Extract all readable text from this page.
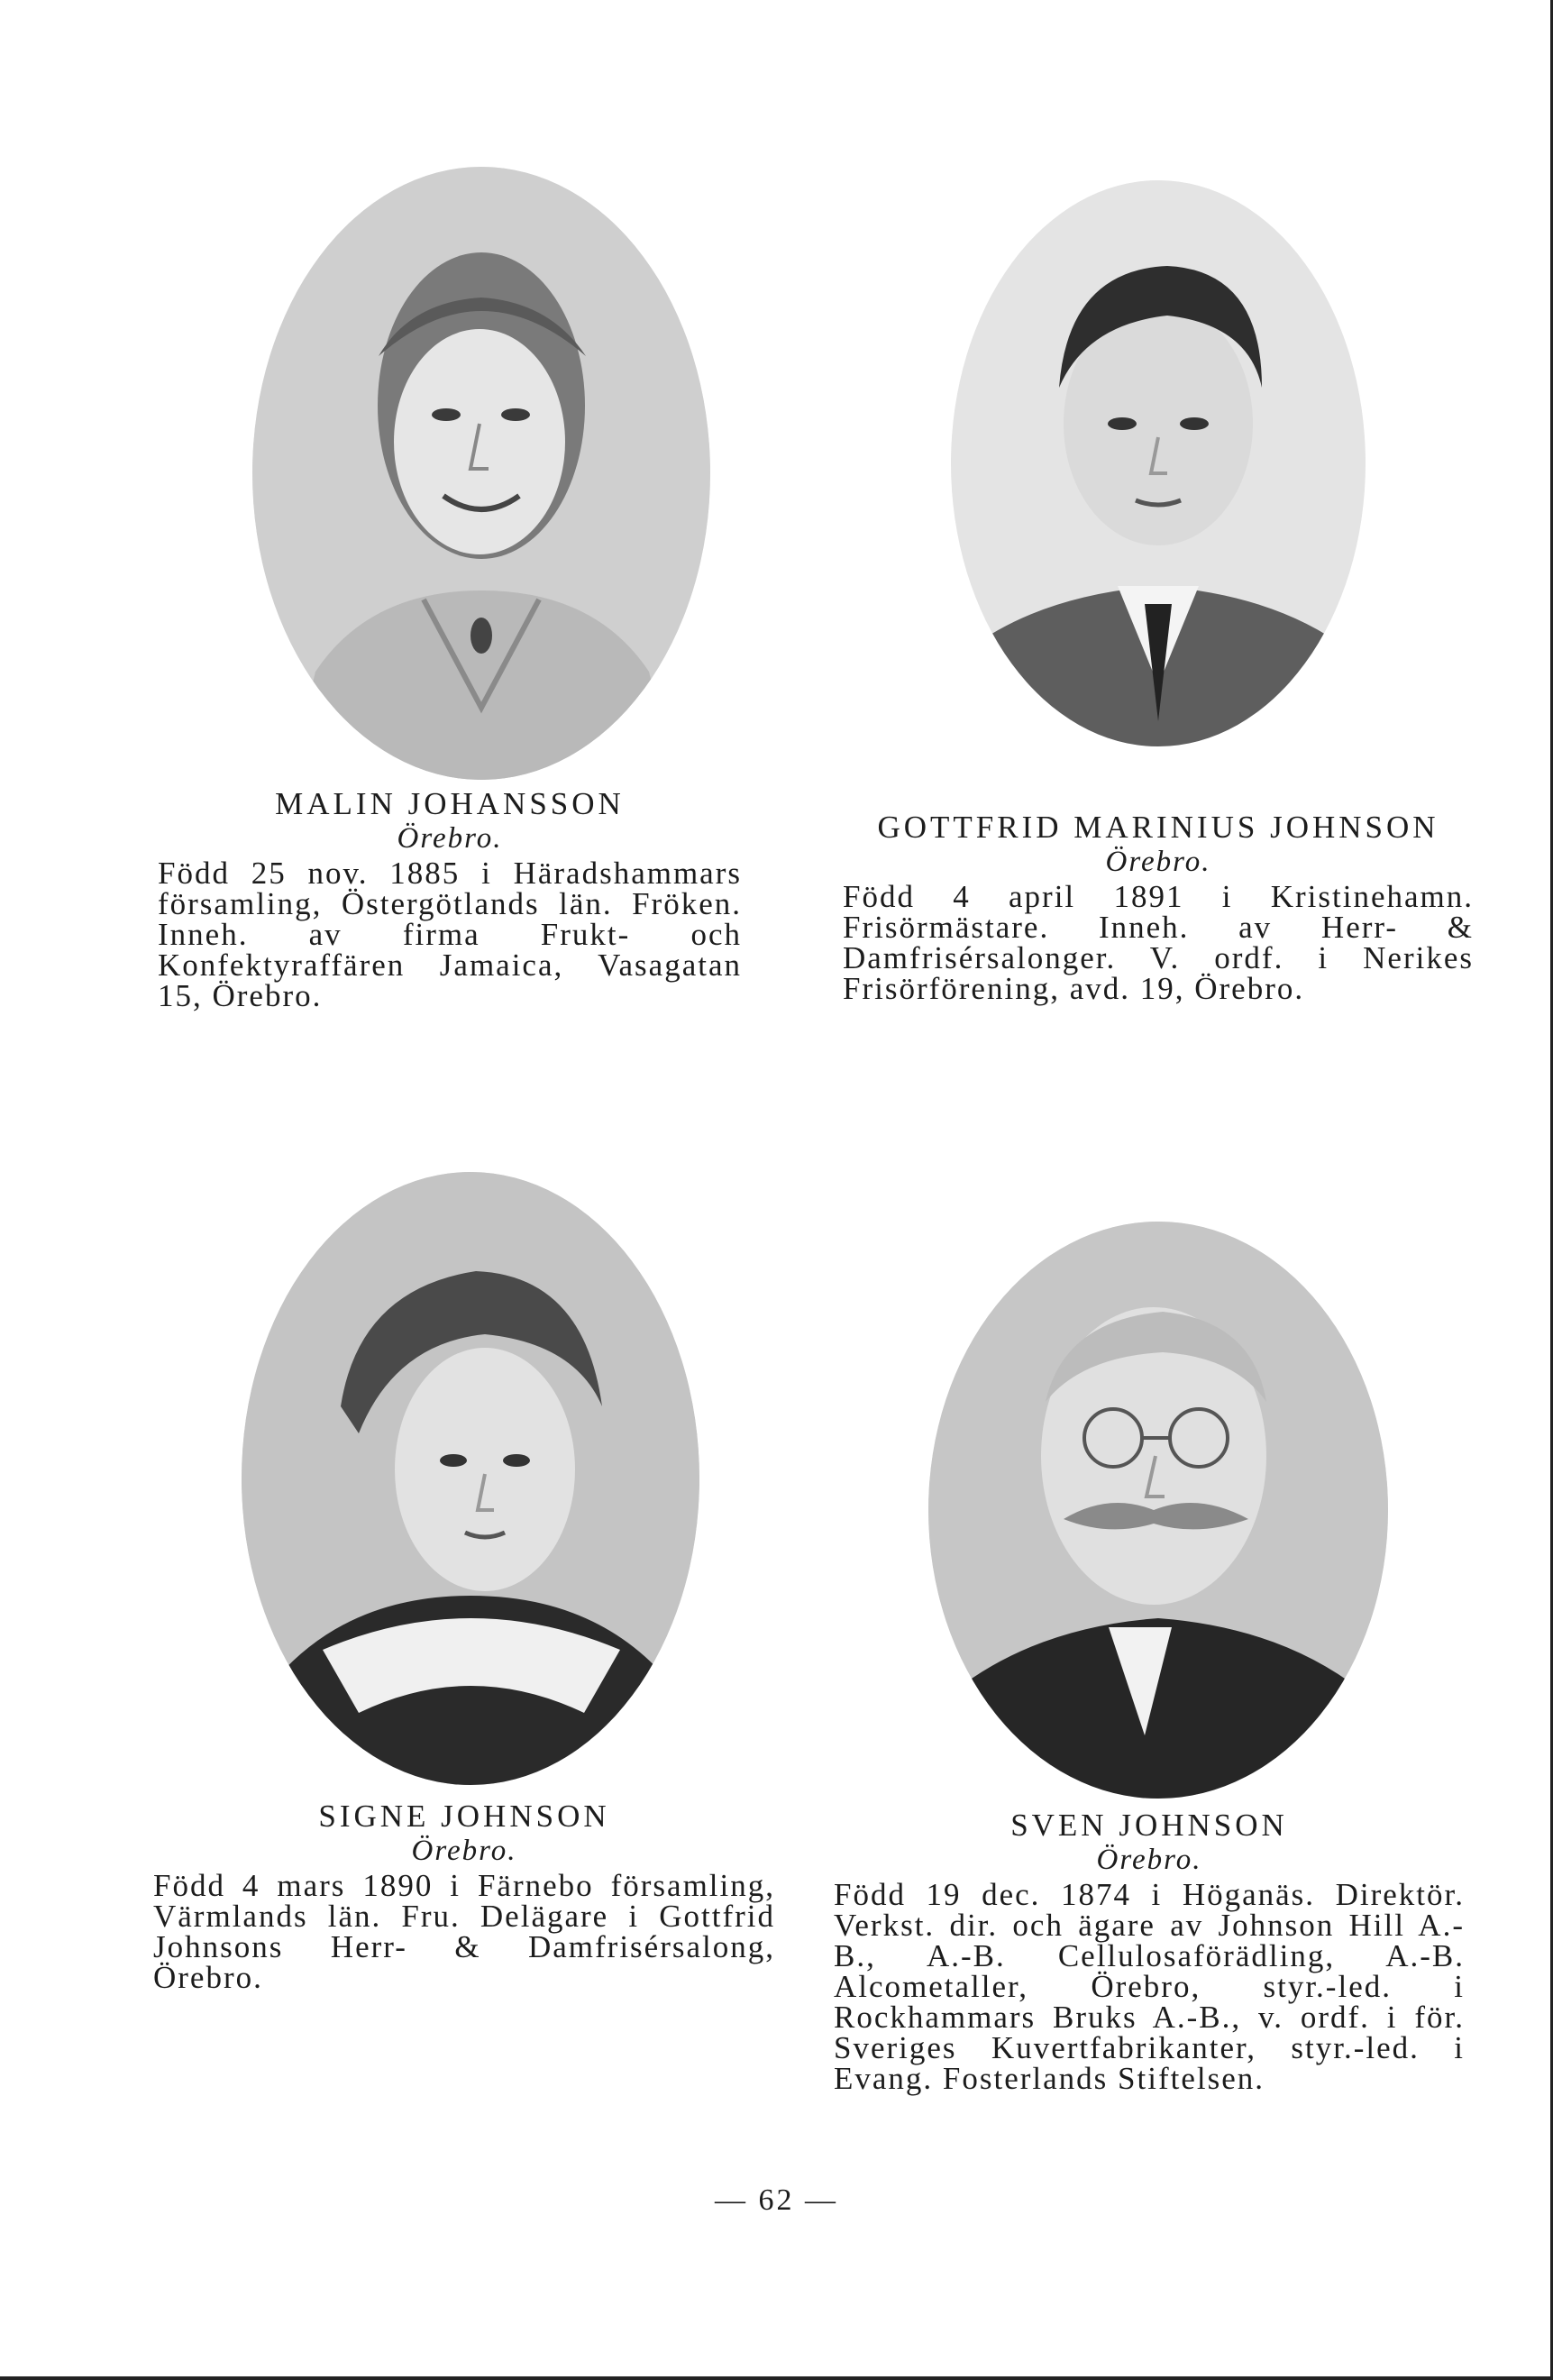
MALIN JOHANSSON

Örebro.

Född 25 nov. 1885 i Häradshammars församling, Östergötlands län. Fröken. Inneh. av firma Frukt- och Konfektyraffären Jamaica, Vasagatan 15, Örebro.

GOTTFRID MARINIUS JOHNSON

Örebro.

Född 4 april 1891 i Kristinehamn. Frisörmästare. Inneh. av Herr- & Damfrisérsalonger. V. ordf. i Nerikes Frisörförening, avd. 19, Örebro.

SIGNE JOHNSON

Örebro.

Född 4 mars 1890 i Färnebo församling, Värmlands län. Fru. Delägare i Gottfrid Johnsons Herr- & Damfrisérsalong, Örebro.

SVEN JOHNSON

Örebro.

Född 19 dec. 1874 i Höganäs. Direktör. Verkst. dir. och ägare av Johnson Hill A.-B., A.-B. Cellulosaförädling, A.-B. Alcometaller, Örebro, styr.-led. i Rockhammars Bruks A.-B., v. ordf. i för. Sveriges Kuvertfabrikanter, styr.-led. i Evang. Fosterlands Stiftelsen.

— 62 —
